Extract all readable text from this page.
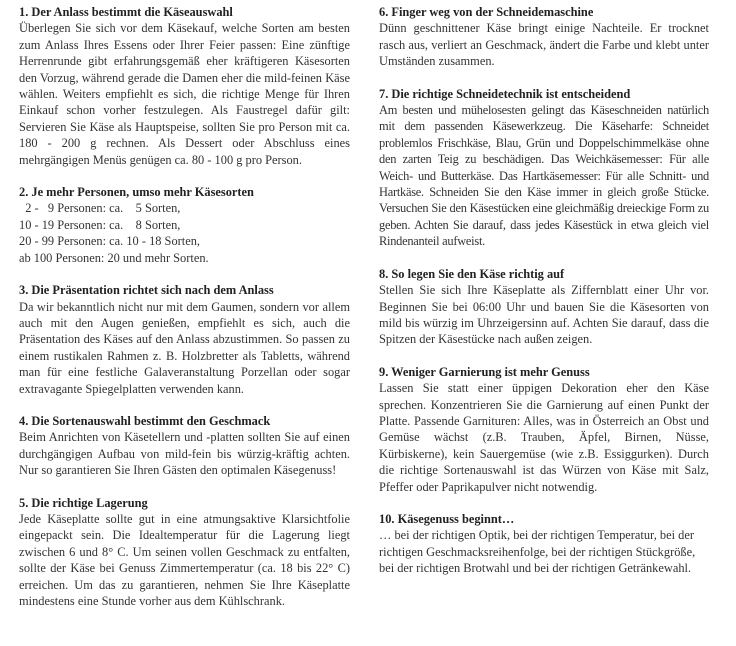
1. Der Anlass bestimmt die Käseauswahl

Überlegen Sie sich vor dem Käsekauf, welche Sorten am besten zum Anlass Ihres Essens oder Ihrer Feier passen: Eine zünftige Herrenrunde gibt erfahrungsgemäß eher kräftigeren Käsesorten den Vorzug, während gerade die Damen eher die mild-feinen Käse wählen. Weiters empfiehlt es sich, die richtige Menge für Ihren Einkauf schon vorher festzulegen. Als Faustregel dafür gilt: Servieren Sie Käse als Hauptspeise, sollten Sie pro Person mit ca. 180 - 200 g rechnen. Als Dessert oder Abschluss eines mehrgängigen Menüs genügen ca. 80 - 100 g pro Person.

2. Je mehr Personen, umso mehr Käsesorten

2 -   9 Personen: ca.    5 Sorten,
10 - 19 Personen: ca.    8 Sorten,
20 - 99 Personen: ca. 10 - 18 Sorten,
ab 100 Personen: 20 und mehr Sorten.

3. Die Präsentation richtet sich nach dem Anlass

Da wir bekanntlich nicht nur mit dem Gaumen, sondern vor allem auch mit den Augen genießen, empfiehlt es sich, auch die Präsentation des Käses auf den Anlass abzustimmen. So passen zu einem rustikalen Rahmen z. B. Holzbretter als Tabletts, während man für eine festliche Galaveranstaltung Porzellan oder sogar extravagante Spiegelplatten verwenden kann.

4. Die Sortenauswahl bestimmt den Geschmack

Beim Anrichten von Käsetellern und -platten sollten Sie auf einen durchgängigen Aufbau von mild-fein bis würzig-kräftig achten. Nur so garantieren Sie Ihren Gästen den optimalen Käsegenuss!

5. Die richtige Lagerung

Jede Käseplatte sollte gut in eine atmungsaktive Klarsichtfolie eingepackt sein. Die Idealtemperatur für die Lagerung liegt zwischen 6 und 8° C. Um seinen vollen Geschmack zu entfalten, sollte der Käse bei Genuss Zimmertemperatur (ca. 18 bis 22° C) erreichen. Um das zu garantieren, nehmen Sie Ihre Käseplatte mindestens eine Stunde vorher aus dem Kühlschrank.

6. Finger weg von der Schneidemaschine

Dünn geschnittener Käse bringt einige Nachteile. Er trocknet rasch aus, verliert an Geschmack, ändert die Farbe und klebt unter Umständen zusammen.

7. Die richtige Schneidetechnik ist entscheidend

Am besten und mühelosesten gelingt das Käseschneiden natürlich mit dem passenden Käsewerkzeug. Die Käseharfe: Schneidet problemlos Frischkäse, Blau, Grün und Doppelschimmelkäse ohne den zarten Teig zu beschädigen. Das Weichkäsemesser: Für alle Weich- und Butterkäse. Das Hartkäsemesser: Für alle Schnitt- und Hartkäse. Schneiden Sie den Käse immer in gleich große Stücke. Versuchen Sie den Käsestücken eine gleichmäßig dreieckige Form zu geben. Achten Sie darauf, dass jedes Käsestück in etwa gleich viel Rindenanteil aufweist.

8. So legen Sie den Käse richtig auf

Stellen Sie sich Ihre Käseplatte als Ziffernblatt einer Uhr vor. Beginnen Sie bei 06:00 Uhr und bauen Sie die Käsesorten von mild bis würzig im Uhrzeigersinn auf. Achten Sie darauf, dass die Spitzen der Käsestücke nach außen zeigen.

9. Weniger Garnierung ist mehr Genuss

Lassen Sie statt einer üppigen Dekoration eher den Käse sprechen. Konzentrieren Sie die Garnierung auf einen Punkt der Platte. Passende Garnituren: Alles, was in Österreich an Obst und Gemüse wächst (z.B. Trauben, Äpfel, Birnen, Nüsse, Kürbiskerne), kein Sauergemüse (wie z.B. Essiggurken). Durch die richtige Sortenauswahl ist das Würzen von Käse mit Salz, Pfeffer oder Paprikapulver nicht notwendig.

10. Käsegenuss beginnt…

… bei der richtigen Optik, bei der richtigen Temperatur, bei der richtigen Geschmacksreihenfolge, bei der richtigen Stückgröße, bei der richtigen Brotwahl und bei der richtigen Getränkewahl.
